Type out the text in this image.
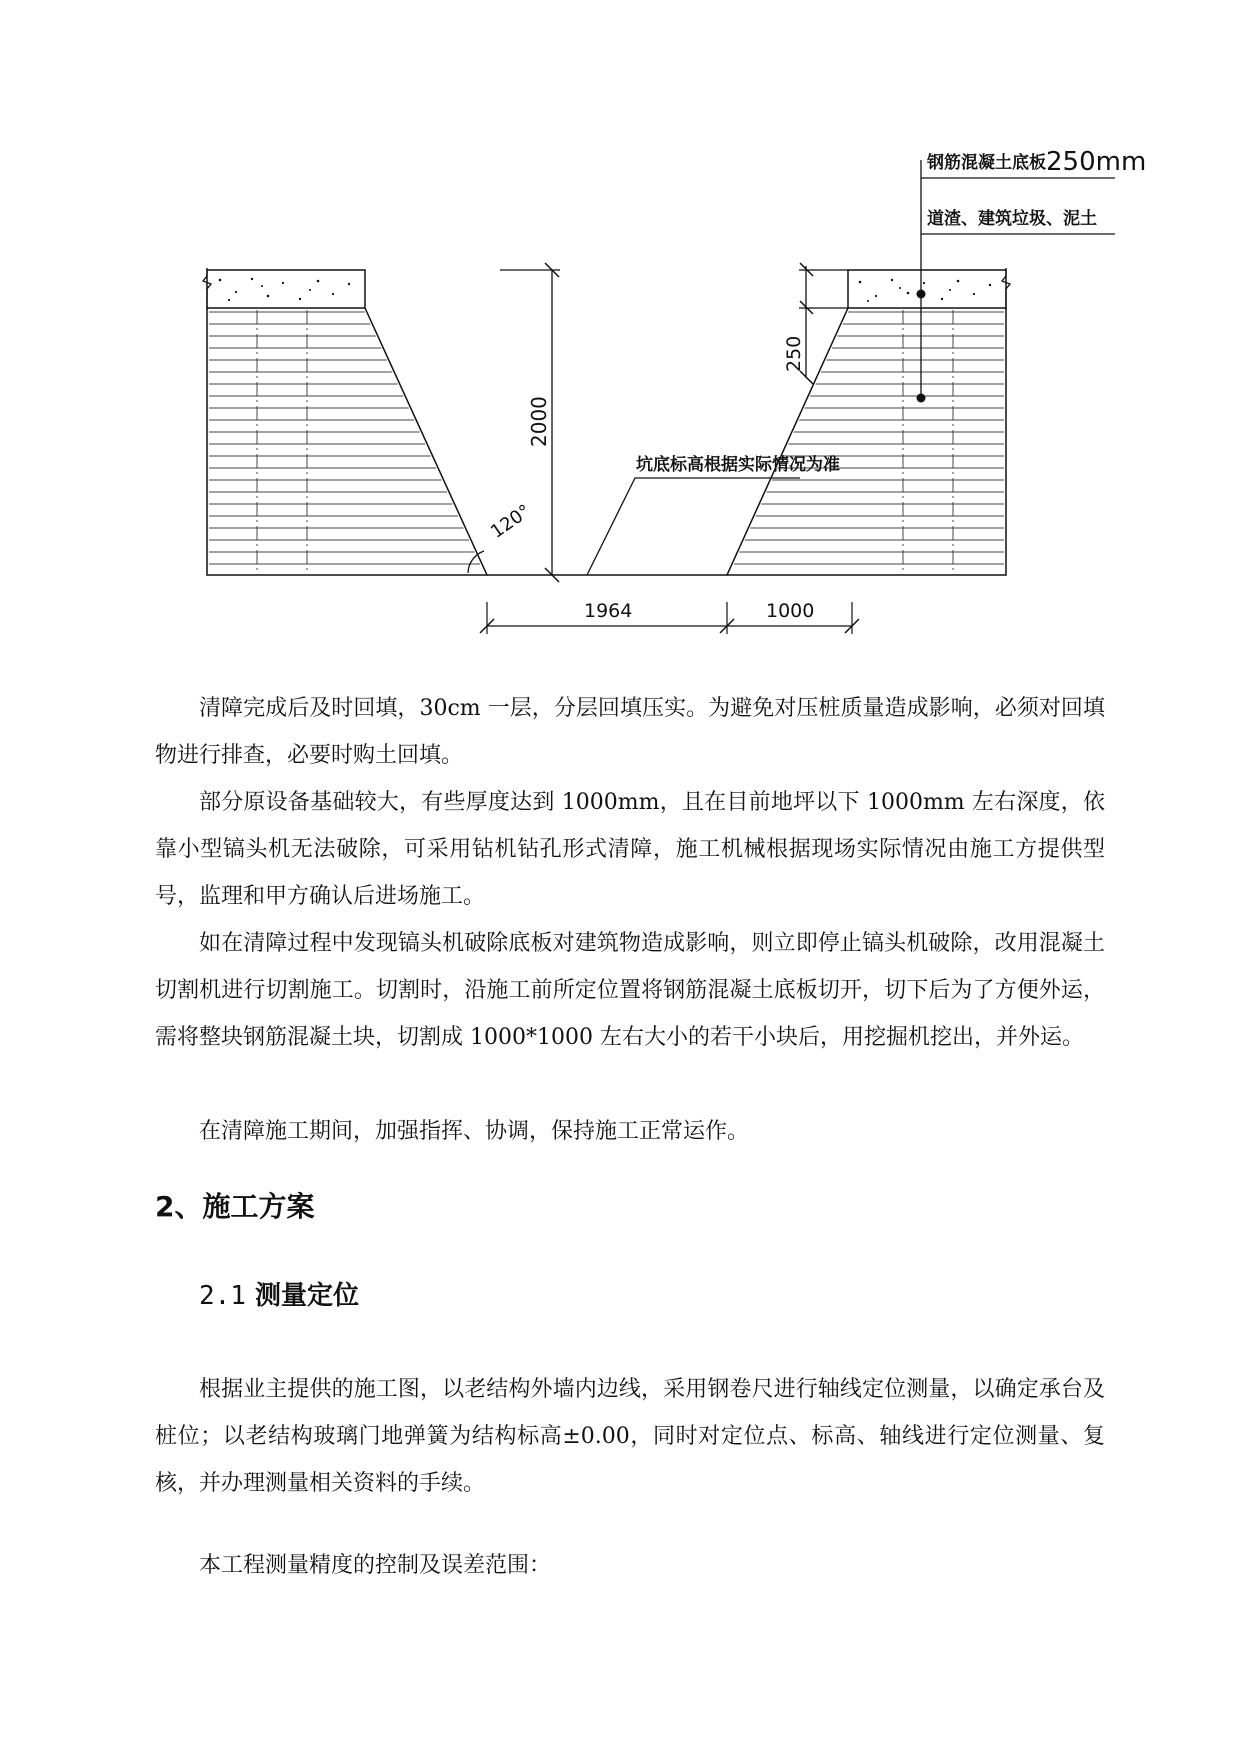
120°
2000
250
钢筋混凝土底板 250mm
道渣、建筑垃圾、泥土
坑底标高根据实际情况为准
1964	1000

清障完成后及时回填，30cm 一层，分层回填压实。为避免对压桩质量造成影响，必须对回填物进行排查，必要时购土回填。

部分原设备基础较大，有些厚度达到 1000mm，且在目前地坪以下 1000mm 左右深度，依靠小型镐头机无法破除，可采用钻机钻孔形式清障，施工机械根据现场实际情况由施工方提供型号，监理和甲方确认后进场施工。

如在清障过程中发现镐头机破除底板对建筑物造成影响，则立即停止镐头机破除，改用混凝土切割机进行切割施工。切割时，沿施工前所定位置将钢筋混凝土底板切开，切下后为了方便外运，需将整块钢筋混凝土块，切割成 1000*1000 左右大小的若干小块后，用挖掘机挖出，并外运。

在清障施工期间，加强指挥、协调，保持施工正常运作。

2、施工方案
2.1 测量定位

根据业主提供的施工图，以老结构外墙内边线，采用钢卷尺进行轴线定位测量，以确定承台及桩位；以老结构玻璃门地弹簧为结构标高±0.00，同时对定位点、标高、轴线进行定位测量、复核，并办理测量相关资料的手续。

本工程测量精度的控制及误差范围：
